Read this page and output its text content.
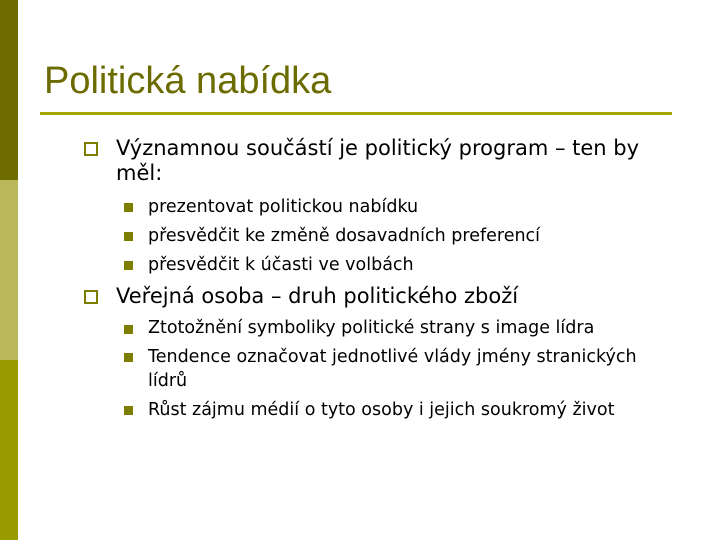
Politická nabídka
Významnou součástí je politický program – ten by měl:
prezentovat politickou nabídku
přesvědčit ke změně dosavadních preferencí
přesvědčit k účasti ve volbách
Veřejná osoba – druh politického zboží
Ztotožnění symboliky politické strany s image lídra
Tendence označovat jednotlivé vlády jmény stranických lídrů
Růst zájmu médií o tyto osoby i jejich soukromý život
